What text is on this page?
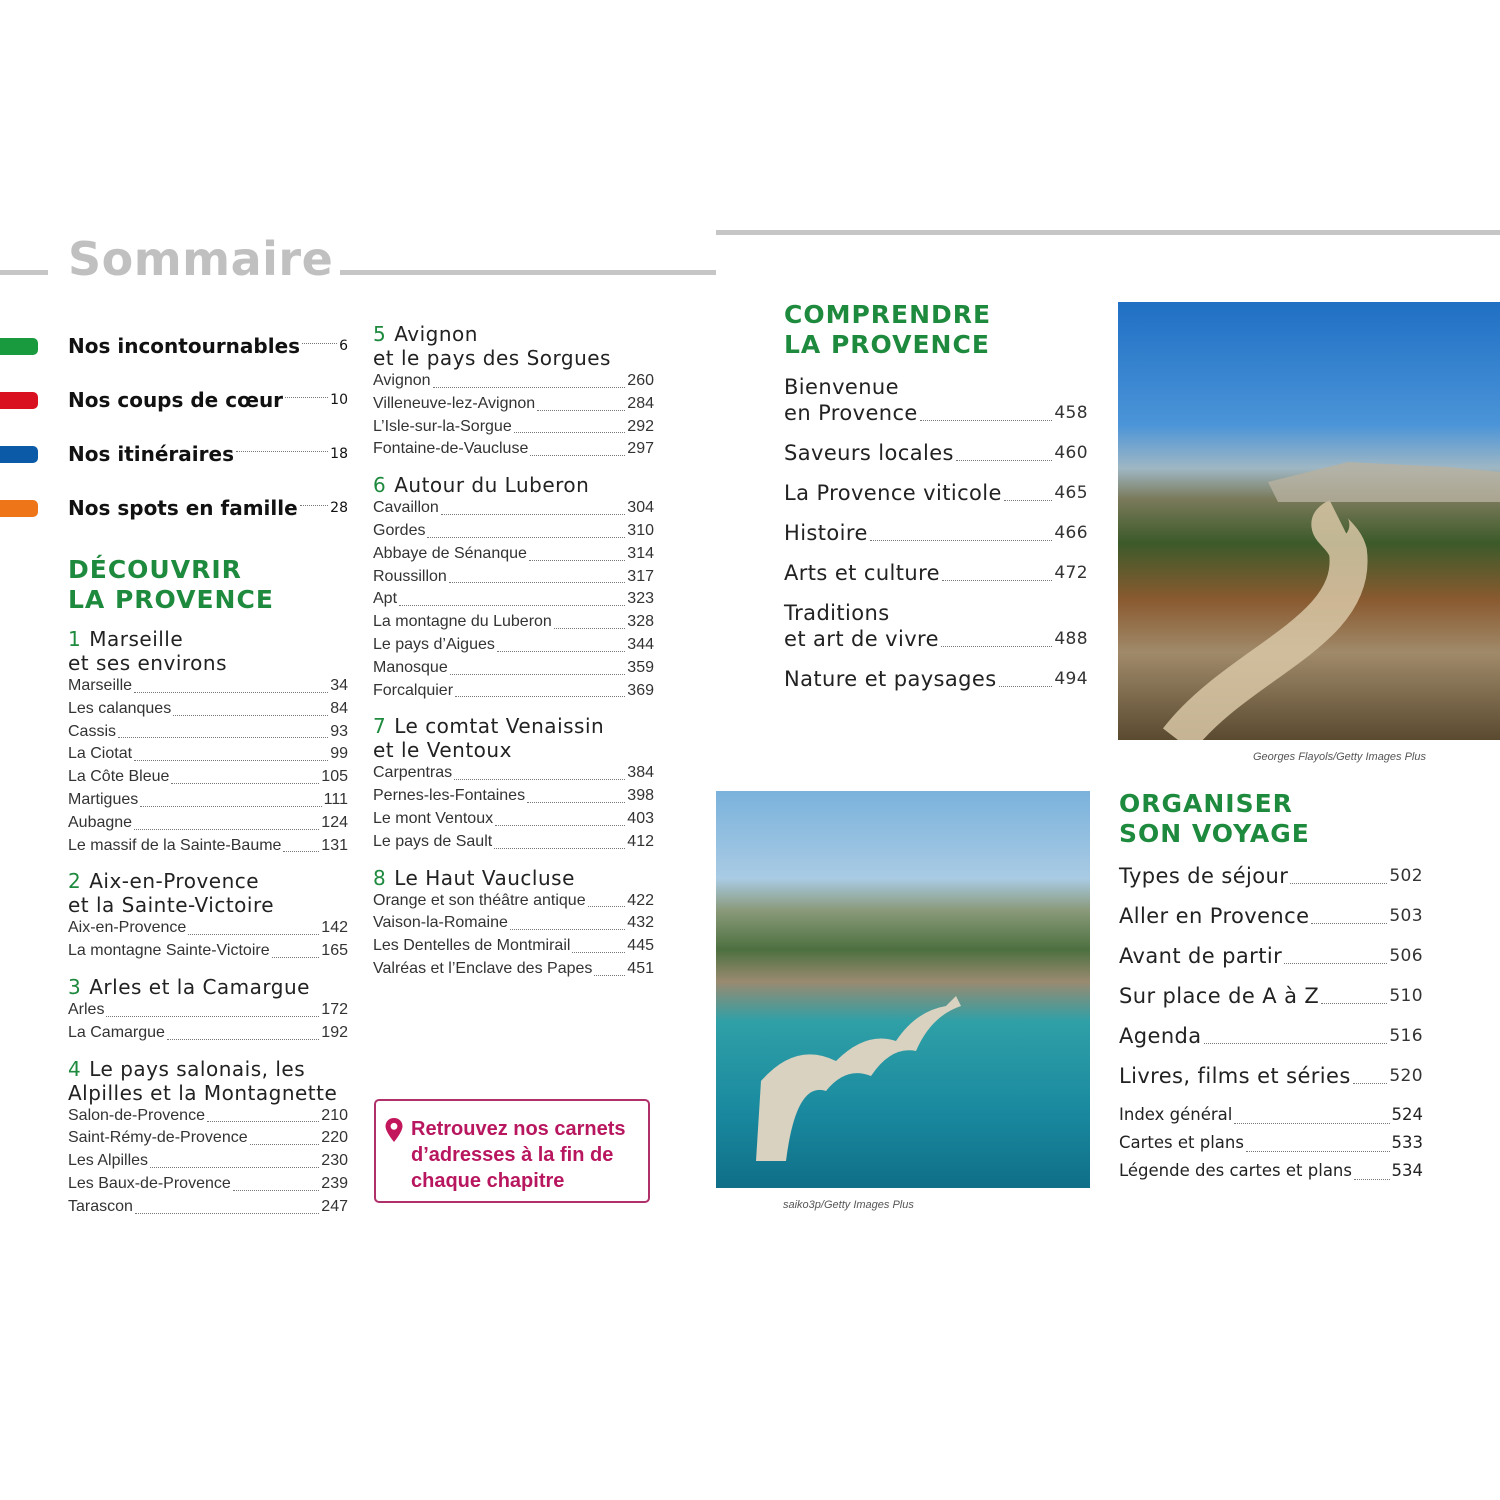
Sommaire
Nos incontournables	6
Nos coups de cœur	10
Nos itinéraires	18
Nos spots en famille 28
DÉCOUVRIR
LA PROVENCE
1 Marseille
et ses environs
Marseille	34
Les calanques	84
Cassis	93
La Ciotat	99
La Côte Bleue	105
Martigues	111
Aubagne	124
Le massif de la Sainte-Baume 131
2 Aix-en-Provence
et la Sainte-Victoire
Aix-en-Provence	142
La montagne Sainte-Victoire	165
3 Arles et la Camargue
Arles	172
La Camargue	192
4 Le pays salonais, les
Alpilles et la Montagnette
Salon-de-Provence	210
Saint-Rémy-de-Provence	220
Les Alpilles	230
Les Baux-de-Provence	239
Tarascon	247
5 Avignon
et le pays des Sorgues
Avignon	260
Villeneuve-lez-Avignon	284
L’Isle-sur-la-Sorgue	292
Fontaine-de-Vaucluse	297
6 Autour du Luberon
Cavaillon	304
Gordes	310
Abbaye de Sénanque	314
Roussillon	317
Apt	323
La montagne du Luberon	328
Le pays d’Aigues	344
Manosque	359
Forcalquier	369
7 Le comtat Venaissin
et le Ventoux
Carpentras	384
Pernes-les-Fontaines	398
Le mont Ventoux	403
Le pays de Sault	412
8 Le Haut Vaucluse
Orange et son théâtre antique	422
Vaison-la-Romaine	432
Les Dentelles de Montmirail	445
Valréas et l’Enclave des Papes 451
COMPRENDRE
LA PROVENCE
Bienvenue
en Provence	458
Saveurs locales	460
La Provence viticole	465
Histoire	466
Arts et culture	472
Traditions
et art de vivre	488
Nature et paysages	494
ORGANISER
SON VOYAGE
Types de séjour	502
Aller en Provence	503
Avant de partir	506
Sur place de A à Z	510
Agenda	516
Livres, films et séries 520
Index général	524
Cartes et plans	533
Légende des cartes et plans 534
Retrouvez nos carnets
d’adresses à la fin de
chaque chapitre
Georges Flayols/Getty Images Plus
saiko3p/Getty Images Plus
